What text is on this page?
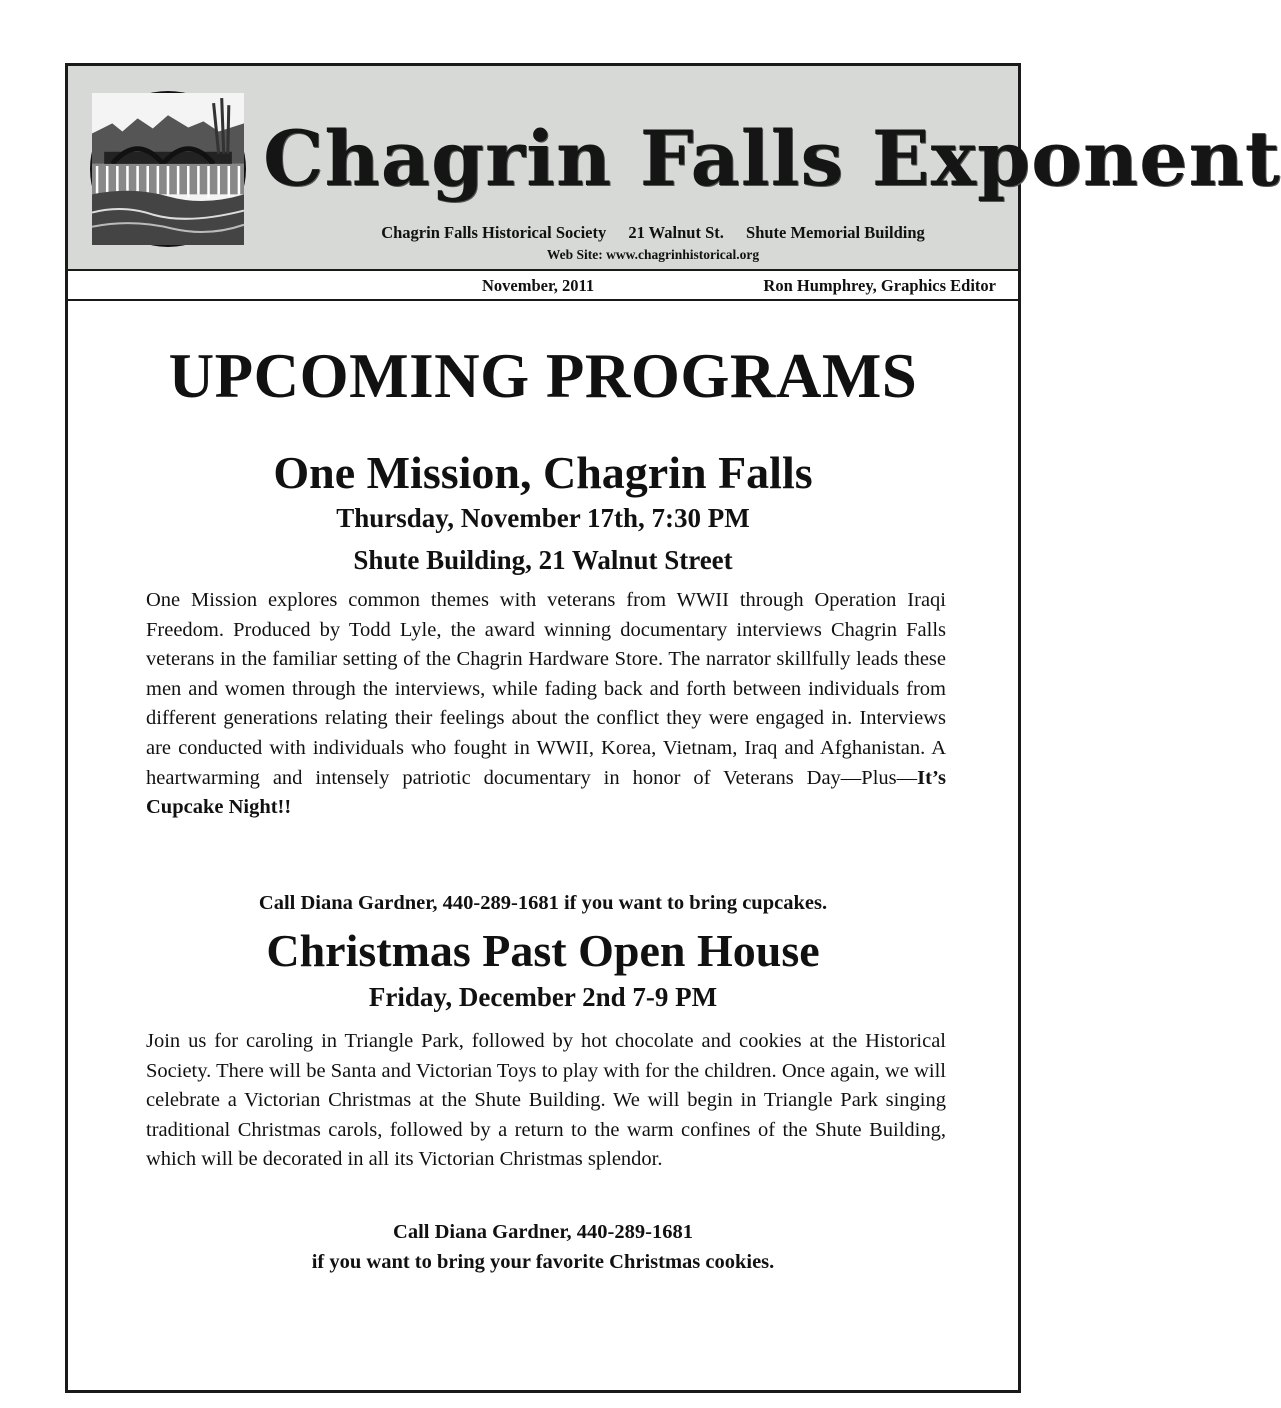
Chagrin Falls Exponent
Chagrin Falls Historical Society 21 Walnut St. Shute Memorial Building
Web Site: www.chagrinhistorical.org
November, 2011	Ron Humphrey, Graphics Editor
UPCOMING PROGRAMS
One Mission, Chagrin Falls
Thursday, November 17th, 7:30 PM
Shute Building, 21 Walnut Street

One Mission explores common themes with veterans from WWII through Operation Iraqi Freedom. Produced by Todd Lyle, the award winning documentary interviews Chagrin Falls veterans in the familiar setting of the Chagrin Hardware Store. The narrator skillfully leads these men and women through the interviews, while fading back and forth between individuals from different generations relating their feelings about the conflict they were engaged in. Interviews are conducted with individuals who fought in WWII, Korea, Vietnam, Iraq and Afghanistan. A heartwarming and intensely patriotic documentary in honor of Veterans Day—Plus—It’s Cupcake Night!!

Call Diana Gardner, 440-289-1681 if you want to bring cupcakes.
Christmas Past Open House
Friday, December 2nd 7-9 PM

Join us for caroling in Triangle Park, followed by hot chocolate and cookies at the Historical Society. There will be Santa and Victorian Toys to play with for the children. Once again, we will celebrate a Victorian Christmas at the Shute Building. We will begin in Triangle Park singing traditional Christmas carols, followed by a return to the warm confines of the Shute Building, which will be decorated in all its Victorian Christmas splendor.

Call Diana Gardner, 440-289-1681
if you want to bring your favorite Christmas cookies.
